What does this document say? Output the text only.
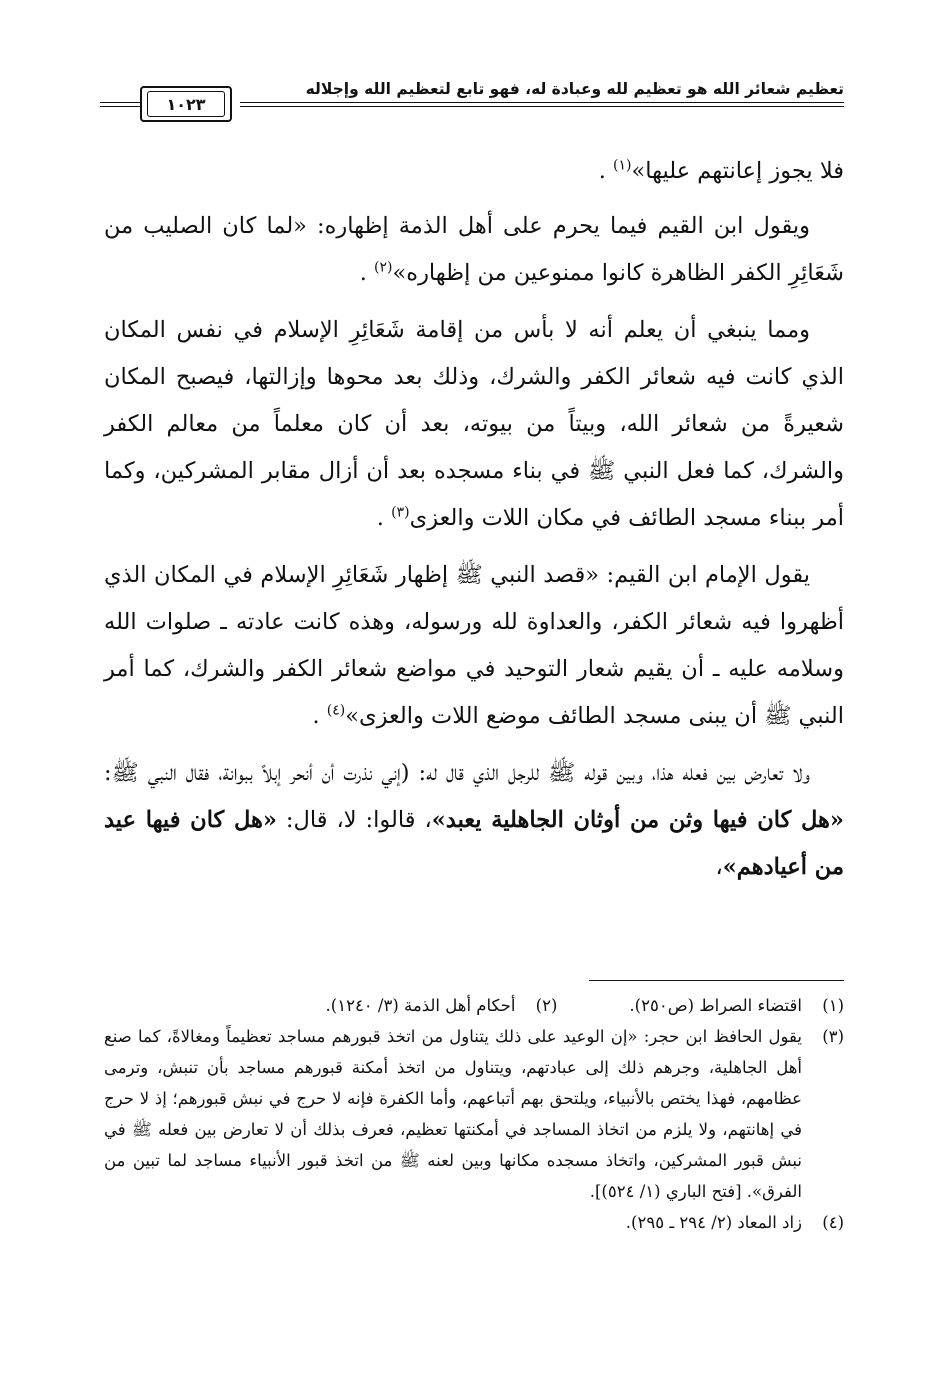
تعظيم شعائر الله هو تعظيم لله وعبادة له، فهو تابع لتعظيم الله وإجلاله
١٠٢٣

فلا يجوز إعانتهم عليها»$^{(١)}$ .

ويقول ابن القيم فيما يحرم على أهل الذمة إظهاره: «لما كان الصليب من شَعَائِرِ الكفر الظاهرة كانوا ممنوعين من إظهاره»$^{(٢)}$ .

ومما ينبغي أن يعلم أنه لا بأس من إقامة شَعَائِرِ الإسلام في نفس المكان الذي كانت فيه شعائر الكفر والشرك، وذلك بعد محوها وإزالتها، فيصبح المكان شعيرةً من شعائر الله، وبيتاً من بيوته، بعد أن كان معلماً من معالم الكفر والشرك، كما فعل النبي ﷺ في بناء مسجده بعد أن أزال مقابر المشركين، وكما أمر ببناء مسجد الطائف في مكان اللات والعزى$^{(٣)}$ .

يقول الإمام ابن القيم: «قصد النبي ﷺ إظهار شَعَائِرِ الإسلام في المكان الذي أظهروا فيه شعائر الكفر، والعداوة لله ورسوله، وهذه كانت عادته ـ صلوات الله وسلامه عليه ـ أن يقيم شعار التوحيد في مواضع شعائر الكفر والشرك، كما أمر النبي ﷺ أن يبنى مسجد الطائف موضع اللات والعزى»$^{(٤)}$ .

ولا تعارض بين فعله هذا، وبين قوله ﷺ للرجل الذي قال له: (إني نذرت أن أنحر إبلاً ببوانة، فقال النبي ﷺ: «هل كان فيها وثن من أوثان الجاهلية يعبد»، قالوا: لا، قال: «هل كان فيها عيد من أعيادهم»،

(١)
اقتضاء الصراط (ص٢٥٠).
(٢)
أحكام أهل الذمة (٣/ ١٢٤٠).
(٣)
يقول الحافظ ابن حجر: «إن الوعيد على ذلك يتناول من اتخذ قبورهم مساجد تعظيماً ومغالاةً، كما صنع أهل الجاهلية، وجرهم ذلك إلى عبادتهم، ويتناول من اتخذ أمكنة قبورهم مساجد بأن تنبش، وترمى عظامهم، فهذا يختص بالأنبياء، ويلتحق بهم أتباعهم، وأما الكفرة فإنه لا حرج في نبش قبورهم؛ إذ لا حرج في إهانتهم، ولا يلزم من اتخاذ المساجد في أمكنتها تعظيم، فعرف بذلك أن لا تعارض بين فعله ﷺ في نبش قبور المشركين، واتخاذ مسجده مكانها وبين لعنه ﷺ من اتخذ قبور الأنبياء مساجد لما تبين من الفرق». [فتح الباري (١/ ٥٢٤)].
(٤)
زاد المعاد (٢/ ٢٩٤ ـ ٢٩٥).
